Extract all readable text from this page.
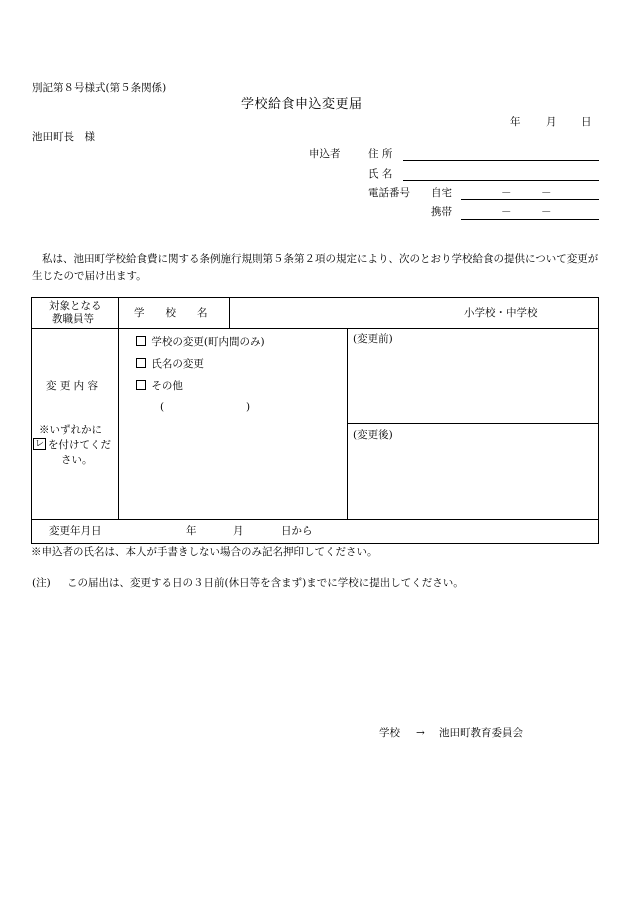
別記第８号様式(第５条関係)
学校給食申込変更届
年 月 日
池田町長　様
申込者	住 所
氏 名
電話番号 自宅	－	－
携帯	－	－
私は、池田町学校給食費に関する条例施行規則第５条第２項の規定により、次のとおり学校給食の提供について変更が生じたので届け出ます。
対象となる
教職員等	学　　校　　名	小学校・中学校
変 更 内 容
※いずれかに
レ を付けてくだ
さい。
学校の変更(町内間のみ)
氏名の変更
その他
(	)
(変更前)
(変更後)
変更年月日	年	月	日から
※申込者の氏名は、本人が手書きしない場合のみ記名押印してください。
(注) この届出は、変更する日の３日前(休日等を含まず)までに学校に提出してください。
学校 → 池田町教育委員会
